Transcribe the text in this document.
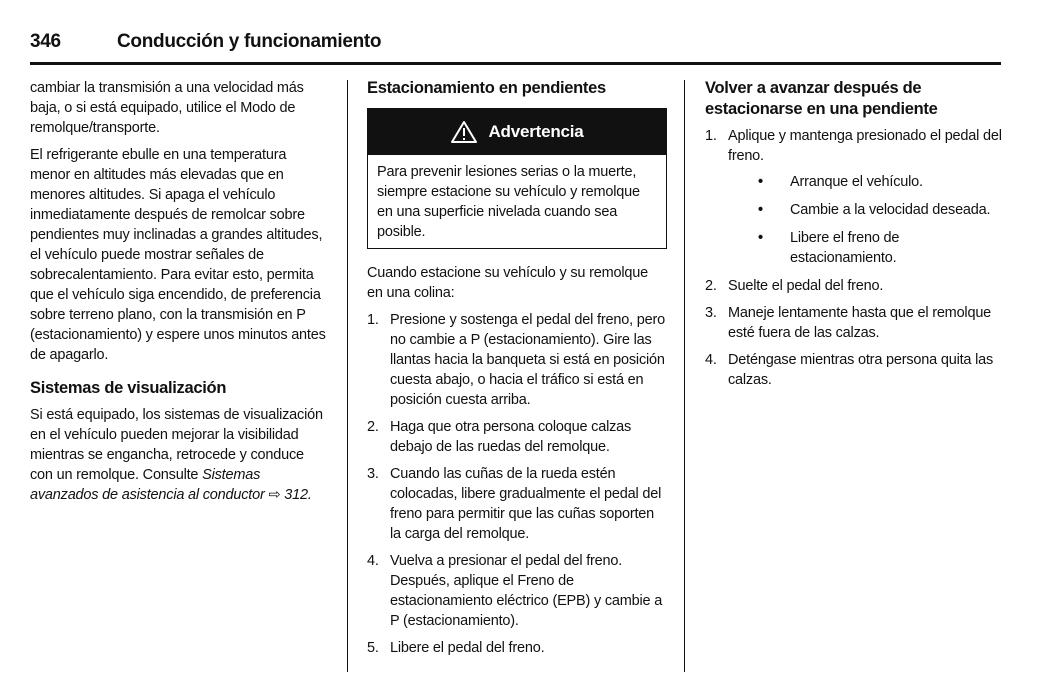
346	Conducción y funcionamiento

cambiar la transmisión a una velocidad más baja, o si está equipado, utilice el Modo de remolque/transporte.

El refrigerante ebulle en una temperatura menor en altitudes más elevadas que en menores altitudes. Si apaga el vehículo inmediatamente después de remolcar sobre pendientes muy inclinadas a grandes altitudes, el vehículo puede mostrar señales de sobrecalentamiento. Para evitar esto, permita que el vehículo siga encendido, de preferencia sobre terreno plano, con la transmisión en P (estacionamiento) y espere unos minutos antes de apagarlo.

Sistemas de visualización

Si está equipado, los sistemas de visualización en el vehículo pueden mejorar la visibilidad mientras se engancha, retrocede y conduce con un remolque. Consulte Sistemas avanzados de asistencia al conductor ⇨ 312.

Estacionamiento en pendientes
Advertencia
Para prevenir lesiones serias o la muerte, siempre estacione su vehículo y remolque en una superficie nivelada cuando sea posible.

Cuando estacione su vehículo y su remolque en una colina:

1. Presione y sostenga el pedal del freno, pero no cambie a P (estacionamiento). Gire las llantas hacia la banqueta si está en posición cuesta abajo, o hacia el tráfico si está en posición cuesta arriba.
2. Haga que otra persona coloque calzas debajo de las ruedas del remolque.
3. Cuando las cuñas de la rueda estén colocadas, libere gradualmente el pedal del freno para permitir que las cuñas soporten la carga del remolque.
4. Vuelva a presionar el pedal del freno. Después, aplique el Freno de estacionamiento eléctrico (EPB) y cambie a P (estacionamiento).
5. Libere el pedal del freno.
Volver a avanzar después de estacionarse en una pendiente
1. Aplique y mantenga presionado el pedal del freno.
• Arranque el vehículo.
• Cambie a la velocidad deseada.
• Libere el freno de estacionamiento.
2. Suelte el pedal del freno.
3. Maneje lentamente hasta que el remolque esté fuera de las calzas.
4. Deténgase mientras otra persona quita las calzas.
